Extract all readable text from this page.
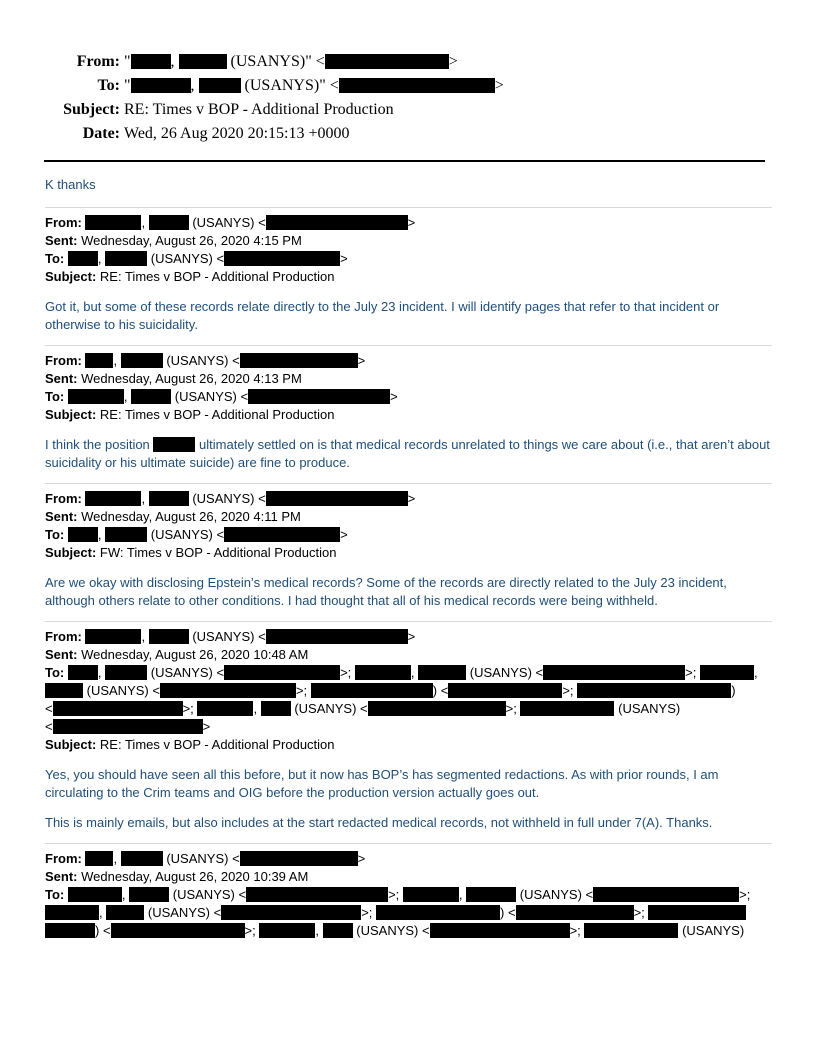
From: "	,	(USANYS)" <	>
To: "	,	(USANYS)" <	>
Subject: RE: Times v BOP - Additional Production
Date: Wed, 26 Aug 2020 20:15:13 +0000

K thanks

From:	,	(USANYS) <	>
Sent: Wednesday, August 26, 2020 4:15 PM
To:	,	(USANYS) <	>
Subject: RE: Times v BOP - Additional Production

Got it, but some of these records relate directly to the July 23 incident. I will identify pages that refer to that incident or otherwise to his suicidality.

From: ,	(USANYS) <	>
Sent: Wednesday, August 26, 2020 4:13 PM
To:	,	(USANYS) <	>
Subject: RE: Times v BOP - Additional Production

I think the position	ultimately settled on is that medical records unrelated to things we care about (i.e., that aren’t about suicidality or his ultimate suicide) are fine to produce.

From:	,	(USANYS) <	>
Sent: Wednesday, August 26, 2020 4:11 PM
To:	,	(USANYS) <	>
Subject: FW: Times v BOP - Additional Production

Are we okay with disclosing Epstein’s medical records? Some of the records are directly related to the July 23 incident, although others relate to other conditions. I had thought that all of his medical records were being withheld.

From:	,	(USANYS) <	>
Sent: Wednesday, August 26, 2020 10:48 AM
To:	,	(USANYS) <	>;	,	(USANYS) <	>;	,
(USANYS) <	>;	) <	>;	)
<	>;	,	(USANYS) <	>;	(USANYS)
<	>
Subject: RE: Times v BOP - Additional Production

Yes, you should have seen all this before, but it now has BOP’s has segmented redactions. As with prior rounds, I am circulating to the Crim teams and OIG before the production version actually goes out.

This is mainly emails, but also includes at the start redacted medical records, not withheld in full under 7(A). Thanks.

From: ,	(USANYS) <	>
Sent: Wednesday, August 26, 2020 10:39 AM
To:	,	(USANYS) <	>;	,	(USANYS) <	>;
,	(USANYS) <	>;	) <	>;
) <	>;	,	(USANYS) <	>;	(USANYS)
